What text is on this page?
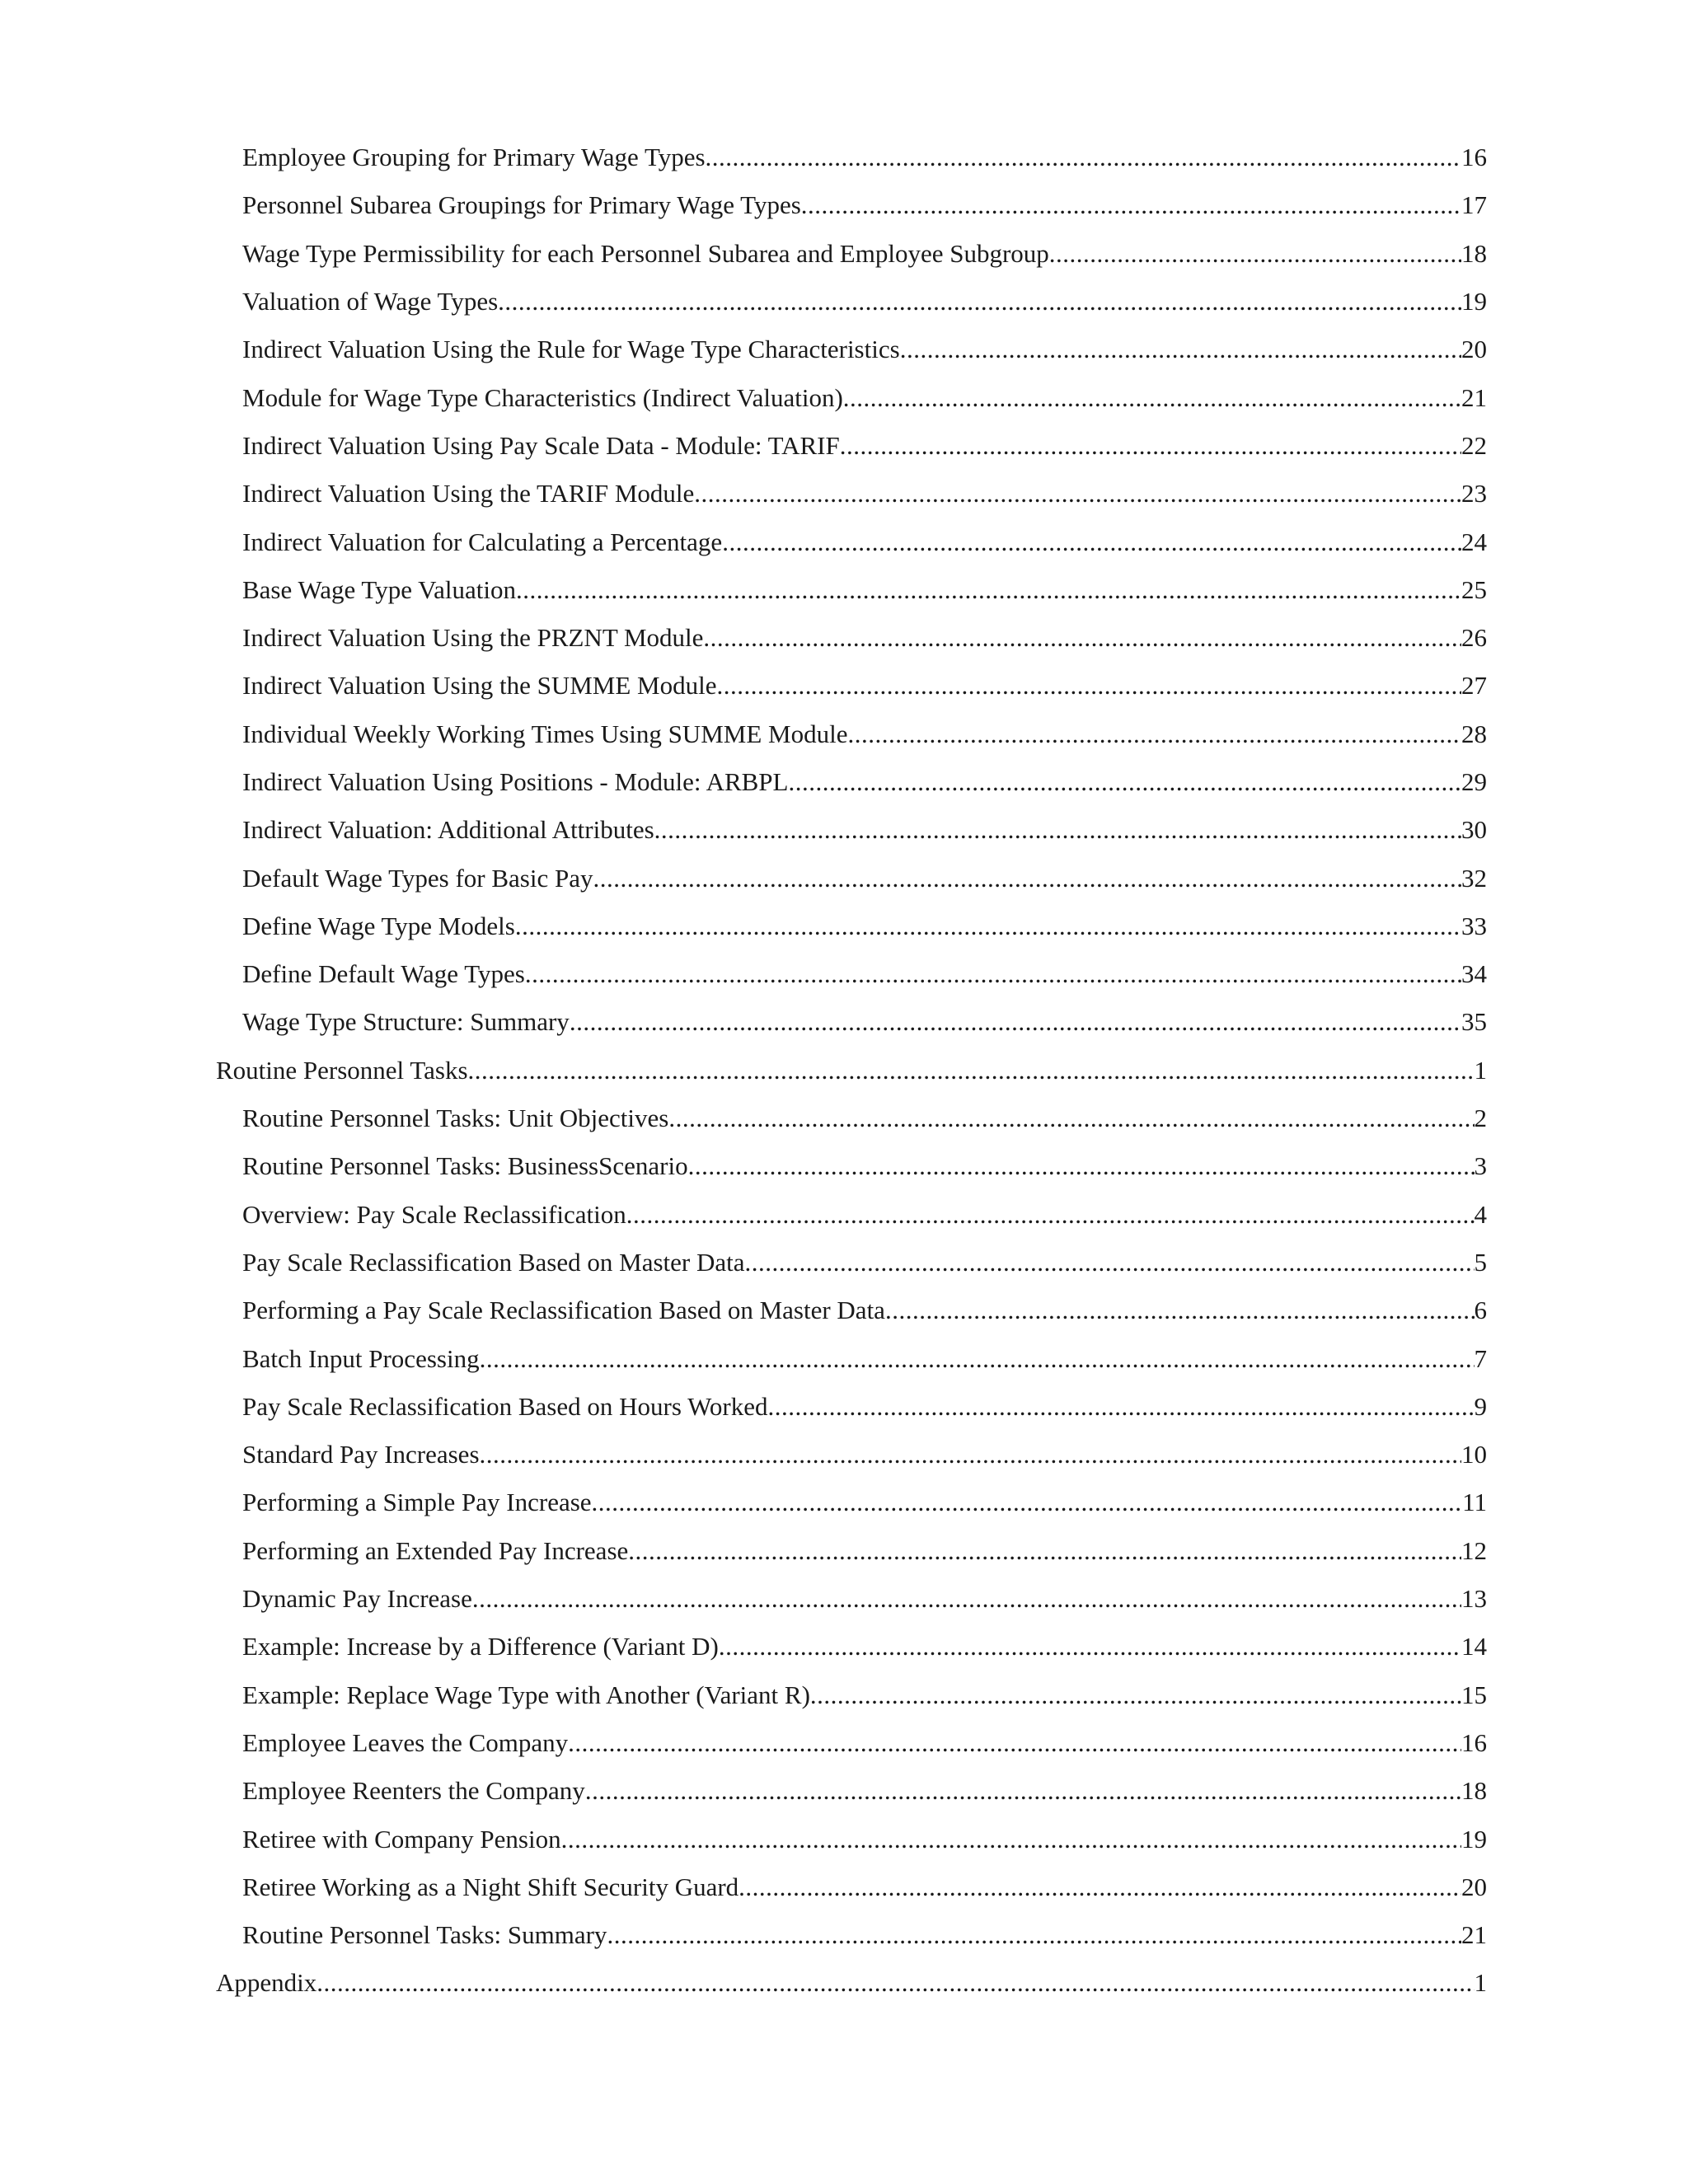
Employee Grouping for Primary Wage Types .....	16
Personnel Subarea Groupings for Primary Wage Types .....	17
Wage Type Permissibility for each Personnel Subarea and Employee Subgroup .....	18
Valuation of Wage Types .....	19
Indirect Valuation Using the Rule for Wage Type Characteristics .....	20
Module for Wage Type Characteristics (Indirect Valuation) .....	21
Indirect Valuation Using Pay Scale Data - Module: TARIF .....	22
Indirect Valuation Using the TARIF Module .....	23
Indirect Valuation for Calculating a Percentage .....	24
Base Wage Type Valuation .....	25
Indirect Valuation Using the PRZNT Module .....	26
Indirect Valuation Using the SUMME Module .....	27
Individual Weekly Working Times Using SUMME Module .....	28
Indirect Valuation Using Positions - Module: ARBPL .....	29
Indirect Valuation: Additional Attributes .....	30
Default Wage Types for Basic Pay .....	32
Define Wage Type Models .....	33
Define Default Wage Types .....	34
Wage Type Structure: Summary .....	35
Routine Personnel Tasks .....	1
Routine Personnel Tasks: Unit Objectives .....	2
Routine Personnel Tasks: BusinessScenario .....	3
Overview: Pay Scale Reclassification .....	4
Pay Scale Reclassification Based on Master Data .....	5
Performing a Pay Scale Reclassification Based on Master Data .....	6
Batch Input Processing .....	7
Pay Scale Reclassification Based on Hours Worked .....	9
Standard Pay Increases .....	10
Performing a Simple Pay Increase .....	11
Performing an Extended Pay Increase .....	12
Dynamic Pay Increase .....	13
Example: Increase by a Difference (Variant D) .....	14
Example: Replace Wage Type with Another (Variant R) .....	15
Employee Leaves the Company .....	16
Employee Reenters the Company .....	18
Retiree with Company Pension .....	19
Retiree Working as a Night Shift Security Guard .....	20
Routine Personnel Tasks: Summary .....	21
Appendix .....	1
